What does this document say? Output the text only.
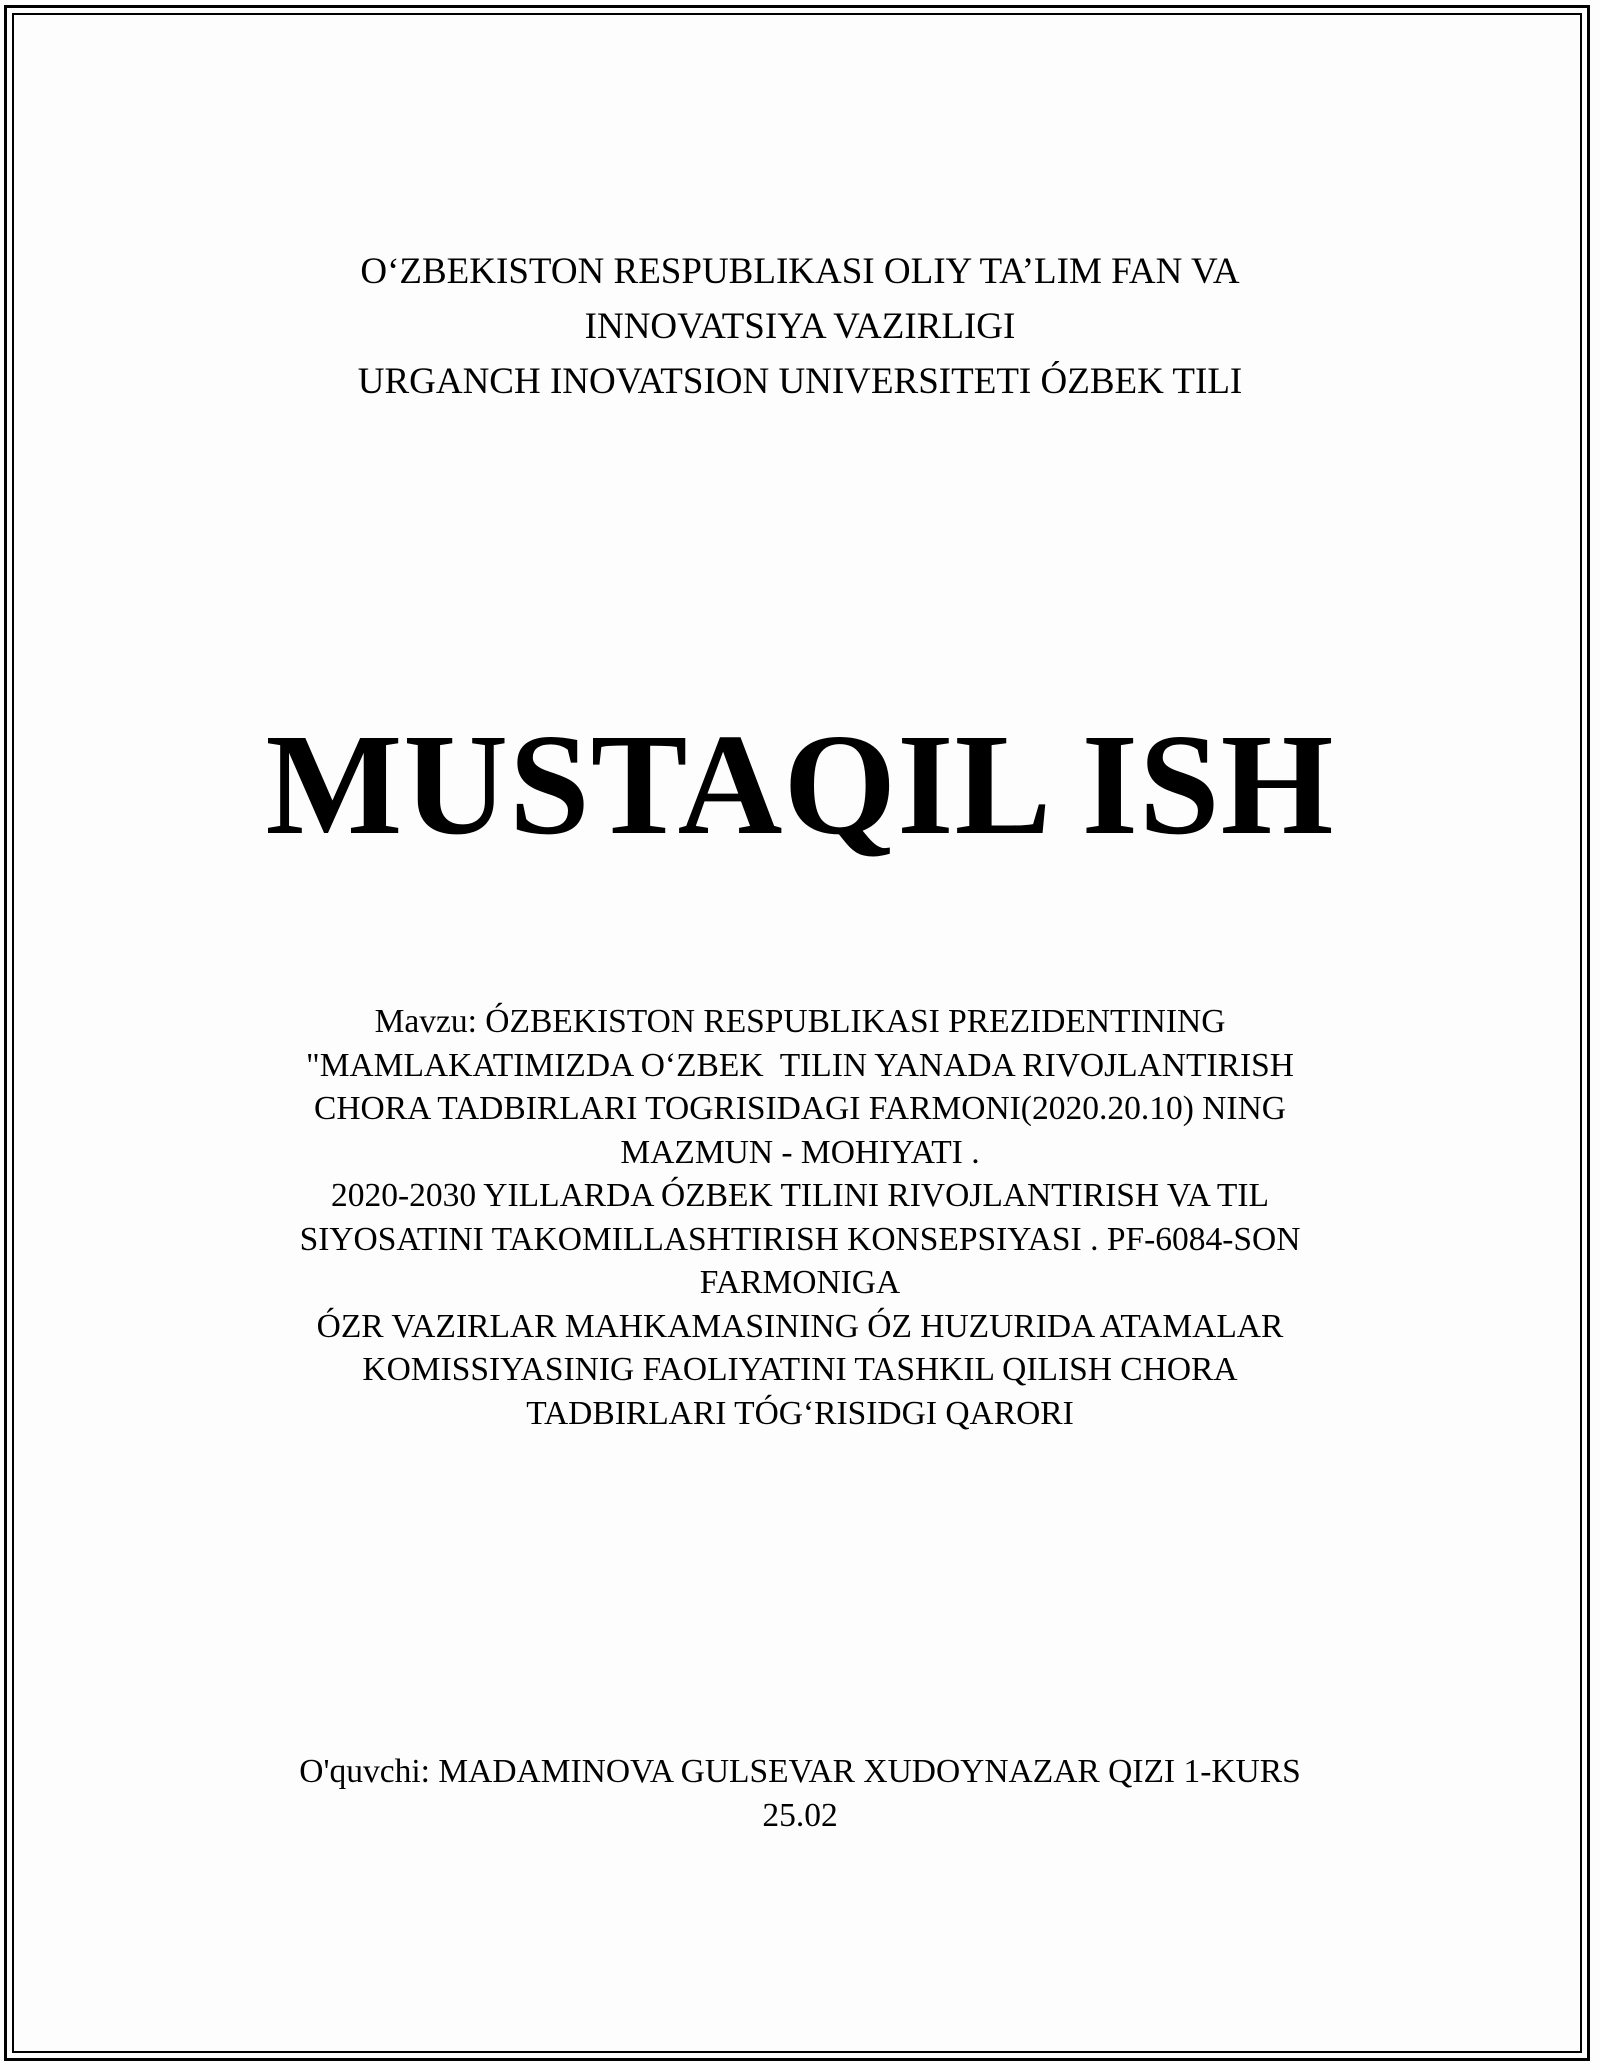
O‘ZBEKISTON RESPUBLIKASI OLIY TA’LIM FAN VA
INNOVATSIYA VAZIRLIGI
URGANCH INOVATSION UNIVERSITETI ÓZBEK TILI
MUSTAQIL ISH
Mavzu: ÓZBEKISTON RESPUBLIKASI PREZIDENTINING
"MAMLAKATIMIZDA O‘ZBEK  TILIN YANADA RIVOJLANTIRISH
CHORA TADBIRLARI TOGRISIDAGI FARMONI(2020.20.10) NING
MAZMUN - MOHIYATI .
2020-2030 YILLARDA ÓZBEK TILINI RIVOJLANTIRISH VA TIL
SIYOSATINI TAKOMILLASHTIRISH KONSEPSIYASI . PF-6084-SON
FARMONIGA
ÓZR VAZIRLAR MAHKAMASINING ÓZ HUZURIDA ATAMALAR
KOMISSIYASINIG FAOLIYATINI TASHKIL QILISH CHORA
TADBIRLARI TÓG‘RISIDGI QARORI
O'quvchi: MADAMINOVA GULSEVAR XUDOYNAZAR QIZI 1-KURS
25.02
